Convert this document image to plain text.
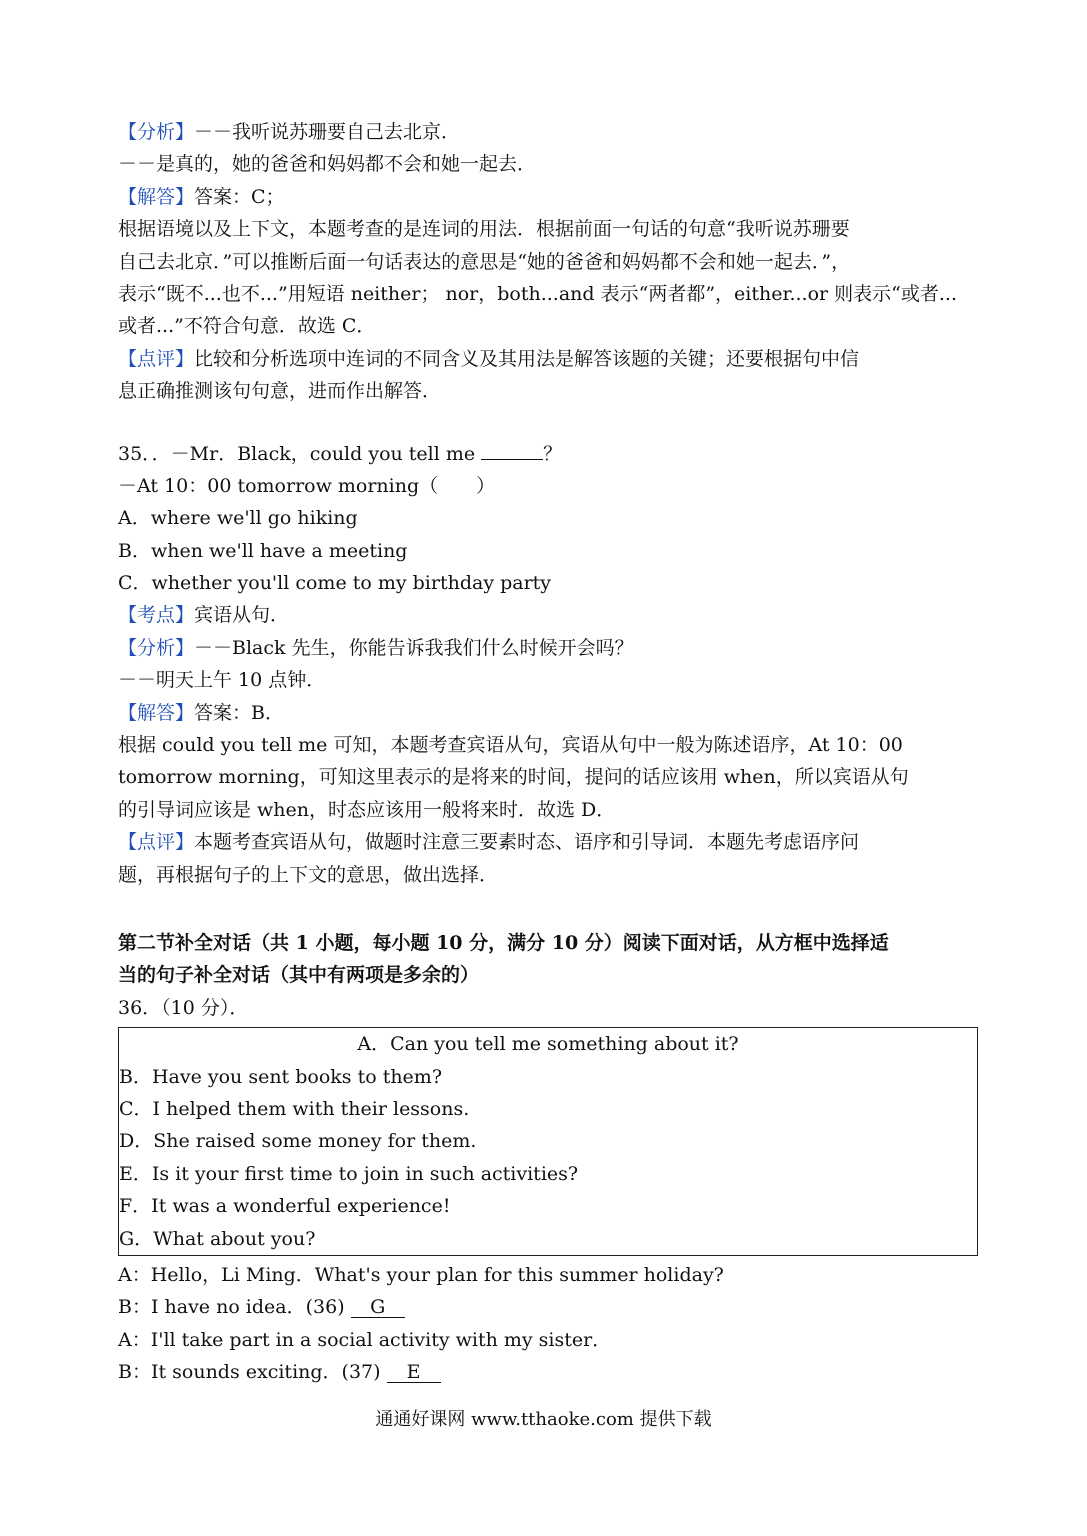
【分析】－－我听说苏珊要自己去北京．
－－是真的，她的爸爸和妈妈都不会和她一起去．
【解答】答案：C；
根据语境以及上下文，本题考查的是连词的用法．根据前面一句话的句意“我听说苏珊要
自己去北京．”可以推断后面一句话表达的意思是“她的爸爸和妈妈都不会和她一起去．”，
表示“既不...也不...”用短语 neither； nor，both...and 表示“两者都”，either...or 则表示“或者...
或者...”不符合句意．故选 C．
【点评】比较和分析选项中连词的不同含义及其用法是解答该题的关键；还要根据句中信
息正确推测该句句意，进而作出解答．
35．．－Mr．Black，could you tell me	？
－At 10：00 tomorrow morning（　　）
A．where we'll go hiking
B．when we'll have a meeting
C．whether you'll come to my birthday party
【考点】宾语从句．
【分析】－－Black 先生，你能告诉我我们什么时候开会吗？
－－明天上午 10 点钟．
【解答】答案：B．
根据 could you tell me 可知，本题考查宾语从句，宾语从句中一般为陈述语序，At 10：00
tomorrow morning，可知这里表示的是将来的时间，提问的话应该用 when，所以宾语从句
的引导词应该是 when，时态应该用一般将来时．故选 D．
【点评】本题考查宾语从句，做题时注意三要素时态、语序和引导词．本题先考虑语序问
题，再根据句子的上下文的意思，做出选择．
第二节补全对话（共 1 小题，每小题 10 分，满分 10 分）阅读下面对话，从方框中选择适
当的句子补全对话（其中有两项是多余的）
36．（10 分）．
A．Can you tell me something about it?
B．Have you sent books to them?
C．I helped them with their lessons.
D．She raised some money for them.
E．Is it your first time to join in such activities?
F．It was a wonderful experience!
G．What about you?
A：Hello，Li Ming．What's your plan for this summer holiday?
B：I have no idea．(36) G
A：I'll take part in a social activity with my sister．
B：It sounds exciting．(37) E
通通好课网 www.tthaoke.com 提供下载
